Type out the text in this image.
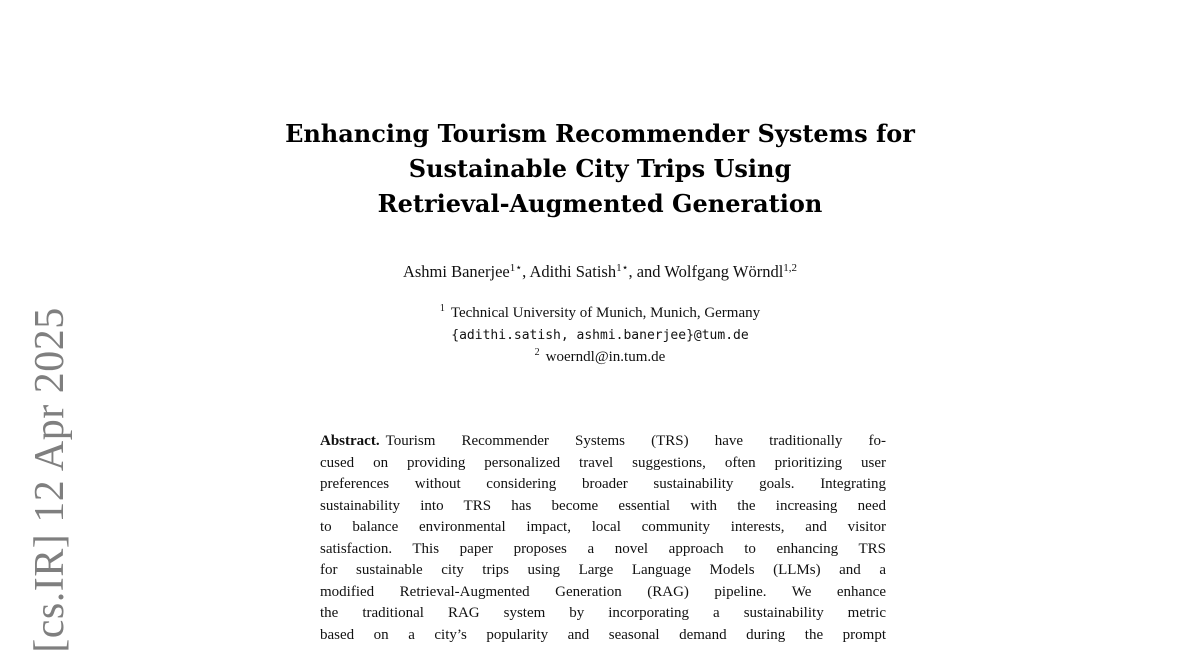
[cs.IR] 12 Apr 2025
Enhancing Tourism Recommender Systems for
Sustainable City Trips Using
Retrieval-Augmented Generation
Ashmi Banerjee$^{1⋆}$, Adithi Satish$^{1⋆}$, and Wolfgang Wörndl$^{1,2}$
$^1$ Technical University of Munich, Munich, Germany
{adithi.satish, ashmi.banerjee}@tum.de
$^2$ woerndl@in.tum.de
Abstract. Tourism Recommender Systems (TRS) have traditionally fo-
cused on providing personalized travel suggestions, often prioritizing user
preferences without considering broader sustainability goals. Integrating
sustainability into TRS has become essential with the increasing need
to balance environmental impact, local community interests, and visitor
satisfaction. This paper proposes a novel approach to enhancing TRS
for sustainable city trips using Large Language Models (LLMs) and a
modified Retrieval-Augmented Generation (RAG) pipeline. We enhance
the traditional RAG system by incorporating a sustainability metric
based on a city’s popularity and seasonal demand during the prompt
